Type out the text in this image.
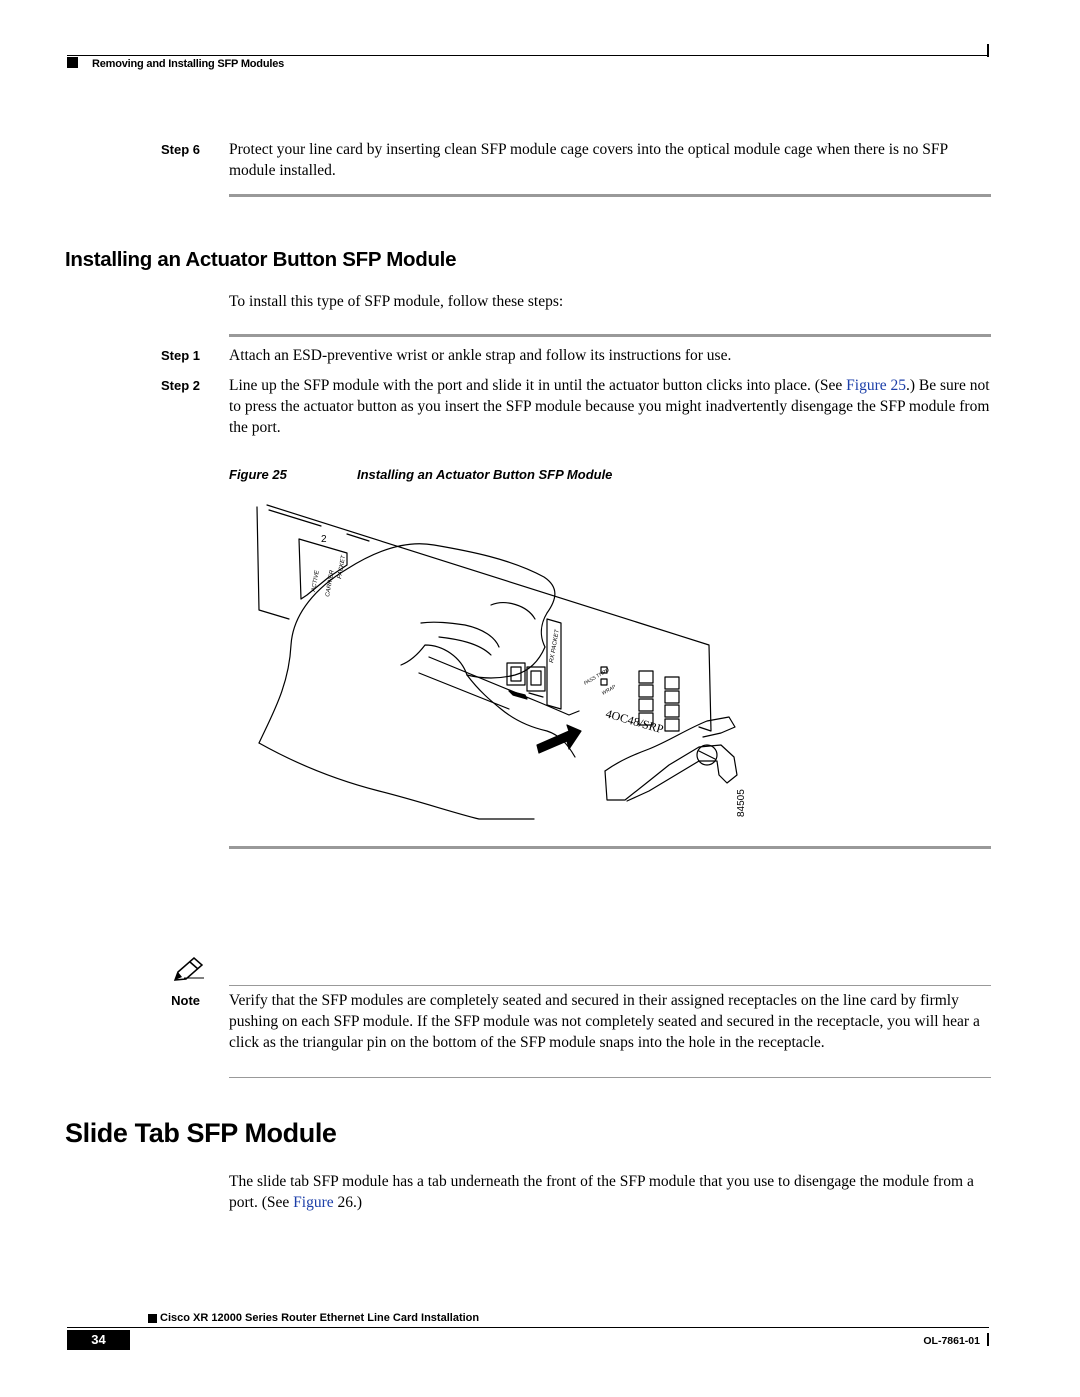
Removing and Installing SFP Modules
Step 6 Protect your line card by inserting clean SFP module cage covers into the optical module cage when there is no SFP module installed.
Installing an Actuator Button SFP Module
To install this type of SFP module, follow these steps:
Step 1 Attach an ESD-preventive wrist or ankle strap and follow its instructions for use.
Step 2 Line up the SFP module with the port and slide it in until the actuator button clicks into place. (See Figure 25.) Be sure not to press the actuator button as you insert the SFP module because you might inadvertently disengage the SFP module from the port.
Figure 25	Installing an Actuator Button SFP Module
2
ACTIVE CARRIER
PACKET
RX PACKET
PASS THRU
WRAP
4OC48/SRP
84505
Note Verify that the SFP modules are completely seated and secured in their assigned receptacles on the line card by firmly pushing on each SFP module. If the SFP module was not completely seated and secured in the receptacle, you will hear a click as the triangular pin on the bottom of the SFP module snaps into the hole in the receptacle.
Slide Tab SFP Module
The slide tab SFP module has a tab underneath the front of the SFP module that you use to disengage the module from a port. (See Figure 26.)
Cisco XR 12000 Series Router Ethernet Line Card Installation
34	OL-7861-01
